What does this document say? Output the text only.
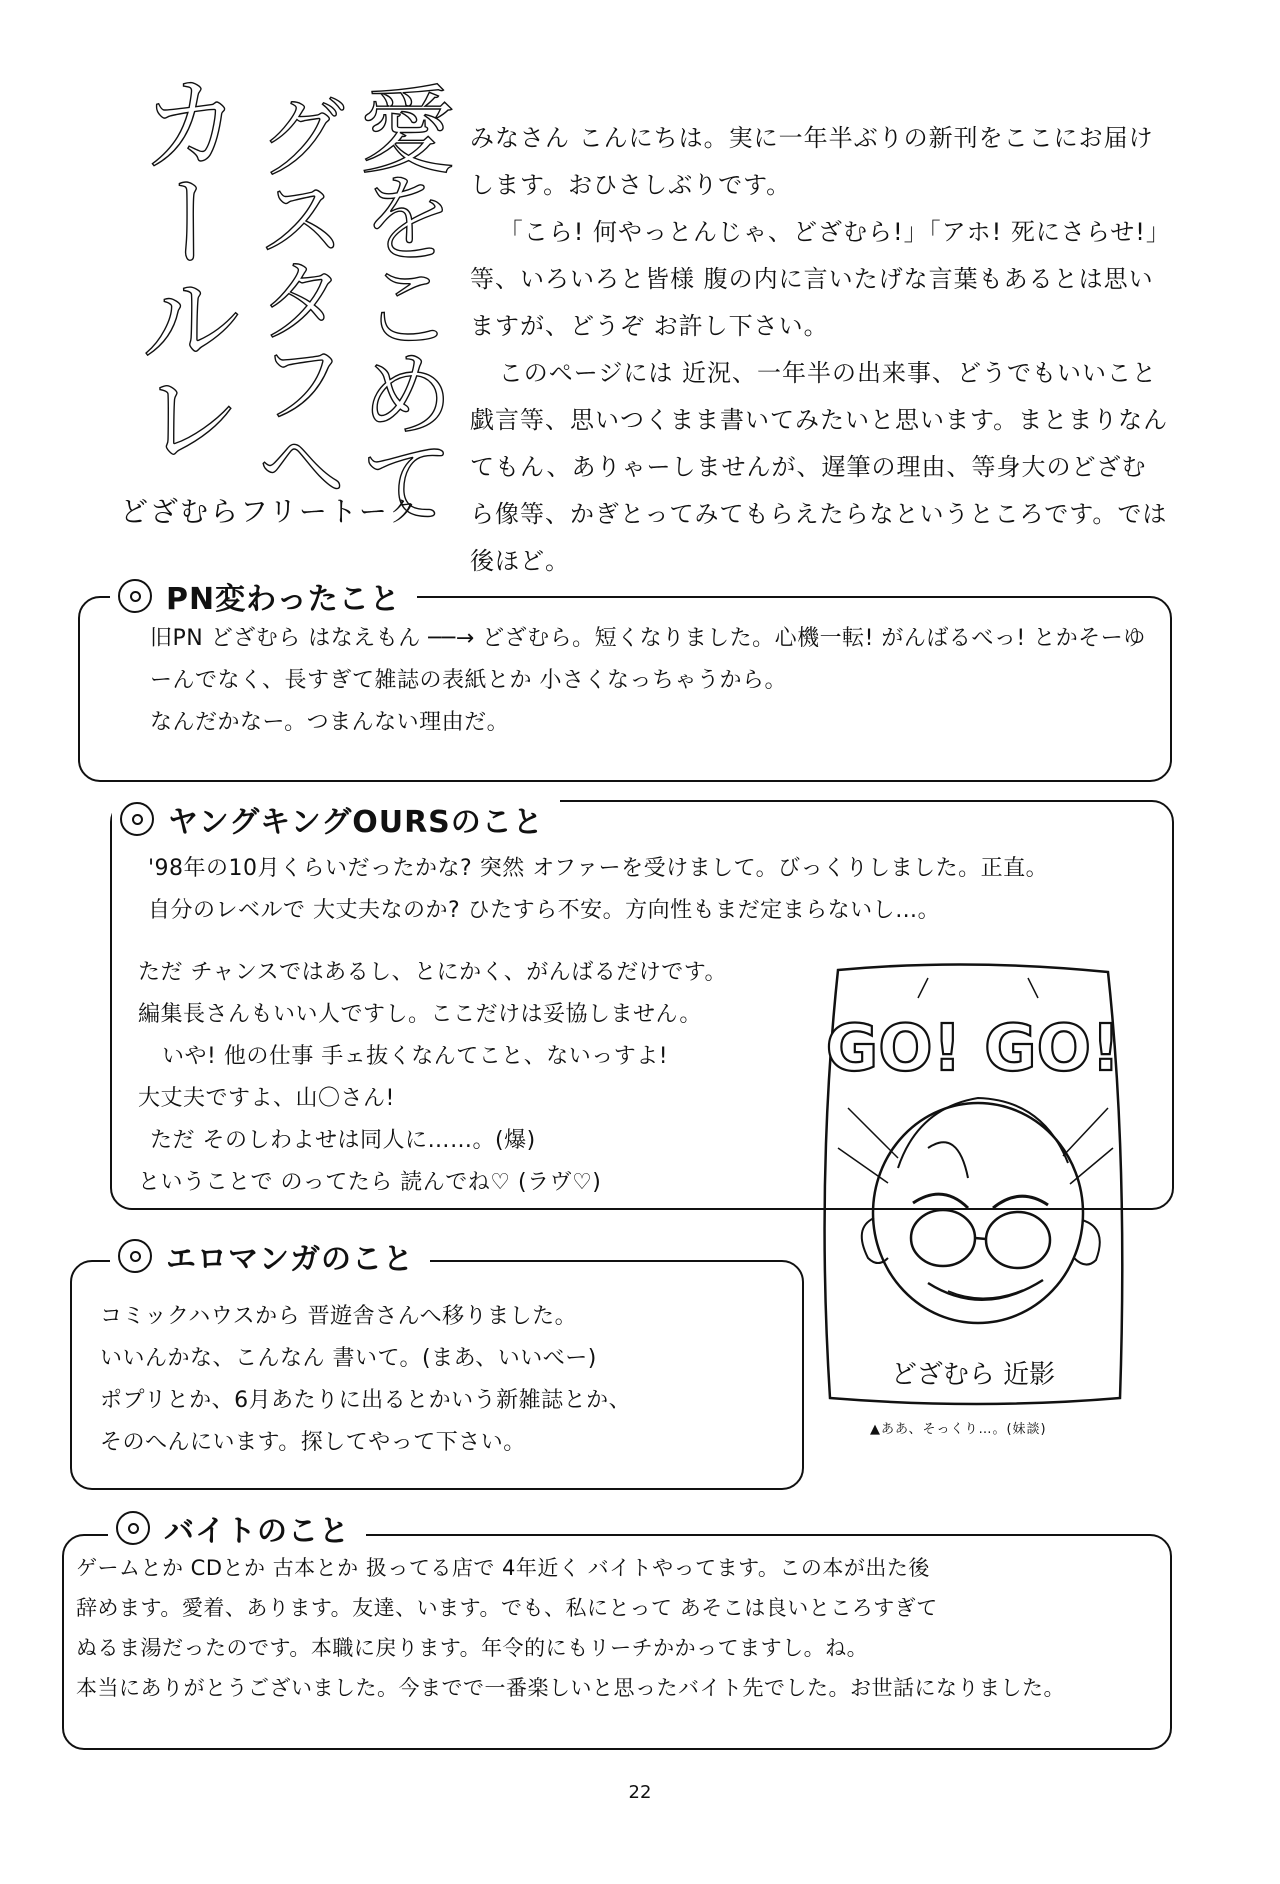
カールレ
グスタフへ
愛をこめて
どざむらフリートーク

みなさん こんにちは。実に一年半ぶりの新刊をここにお届けします。おひさしぶりです。

「こら! 何やっとんじゃ、どざむら!」「アホ! 死にさらせ!」等、いろいろと皆様 腹の内に言いたげな言葉もあるとは思いますが、どうぞ お許し下さい。

このページには 近況、一年半の出来事、どうでもいいこと戯言等、思いつくまま書いてみたいと思います。まとまりなんてもん、ありゃーしませんが、遅筆の理由、等身大のどざむら像等、かぎとってみてもらえたらなというところです。では後ほど。

PN変わったこと

旧PN どざむら はなえもん ──→ どざむら。短くなりました。心機一転! がんばるべっ! とかそーゆーんでなく、長すぎて雑誌の表紙とか 小さくなっちゃうから。

なんだかなー。つまんない理由だ。

ヤングキングOURSのこと

'98年の10月くらいだったかな? 突然 オファーを受けまして。びっくりしました。正直。

自分のレベルで 大丈夫なのか? ひたすら不安。方向性もまだ定まらないし…。

ただ チャンスではあるし、とにかく、がんばるだけです。

編集長さんもいい人ですし。ここだけは妥協しません。

いや! 他の仕事 手ェ抜くなんてこと、ないっすよ!

大丈夫ですよ、山〇さん!

ただ そのしわよせは同人に……。(爆)

ということで のってたら 読んでね♡ (ラヴ♡)

エロマンガのこと

コミックハウスから 晋遊舎さんへ移りました。

いいんかな、こんなん 書いて。(まあ、いいべー)

ポプリとか、6月あたりに出るとかいう新雑誌とか、

そのへんにいます。探してやって下さい。

GO! GO!
どざむら 近影
▲ああ、そっくり…。(妹談)
バイトのこと

ゲームとか CDとか 古本とか 扱ってる店で 4年近く バイトやってます。この本が出た後

辞めます。愛着、あります。友達、います。でも、私にとって あそこは良いところすぎて

ぬるま湯だったのです。本職に戻ります。年令的にもリーチかかってますし。ね。

本当にありがとうございました。今までで一番楽しいと思ったバイト先でした。お世話になりました。

22
